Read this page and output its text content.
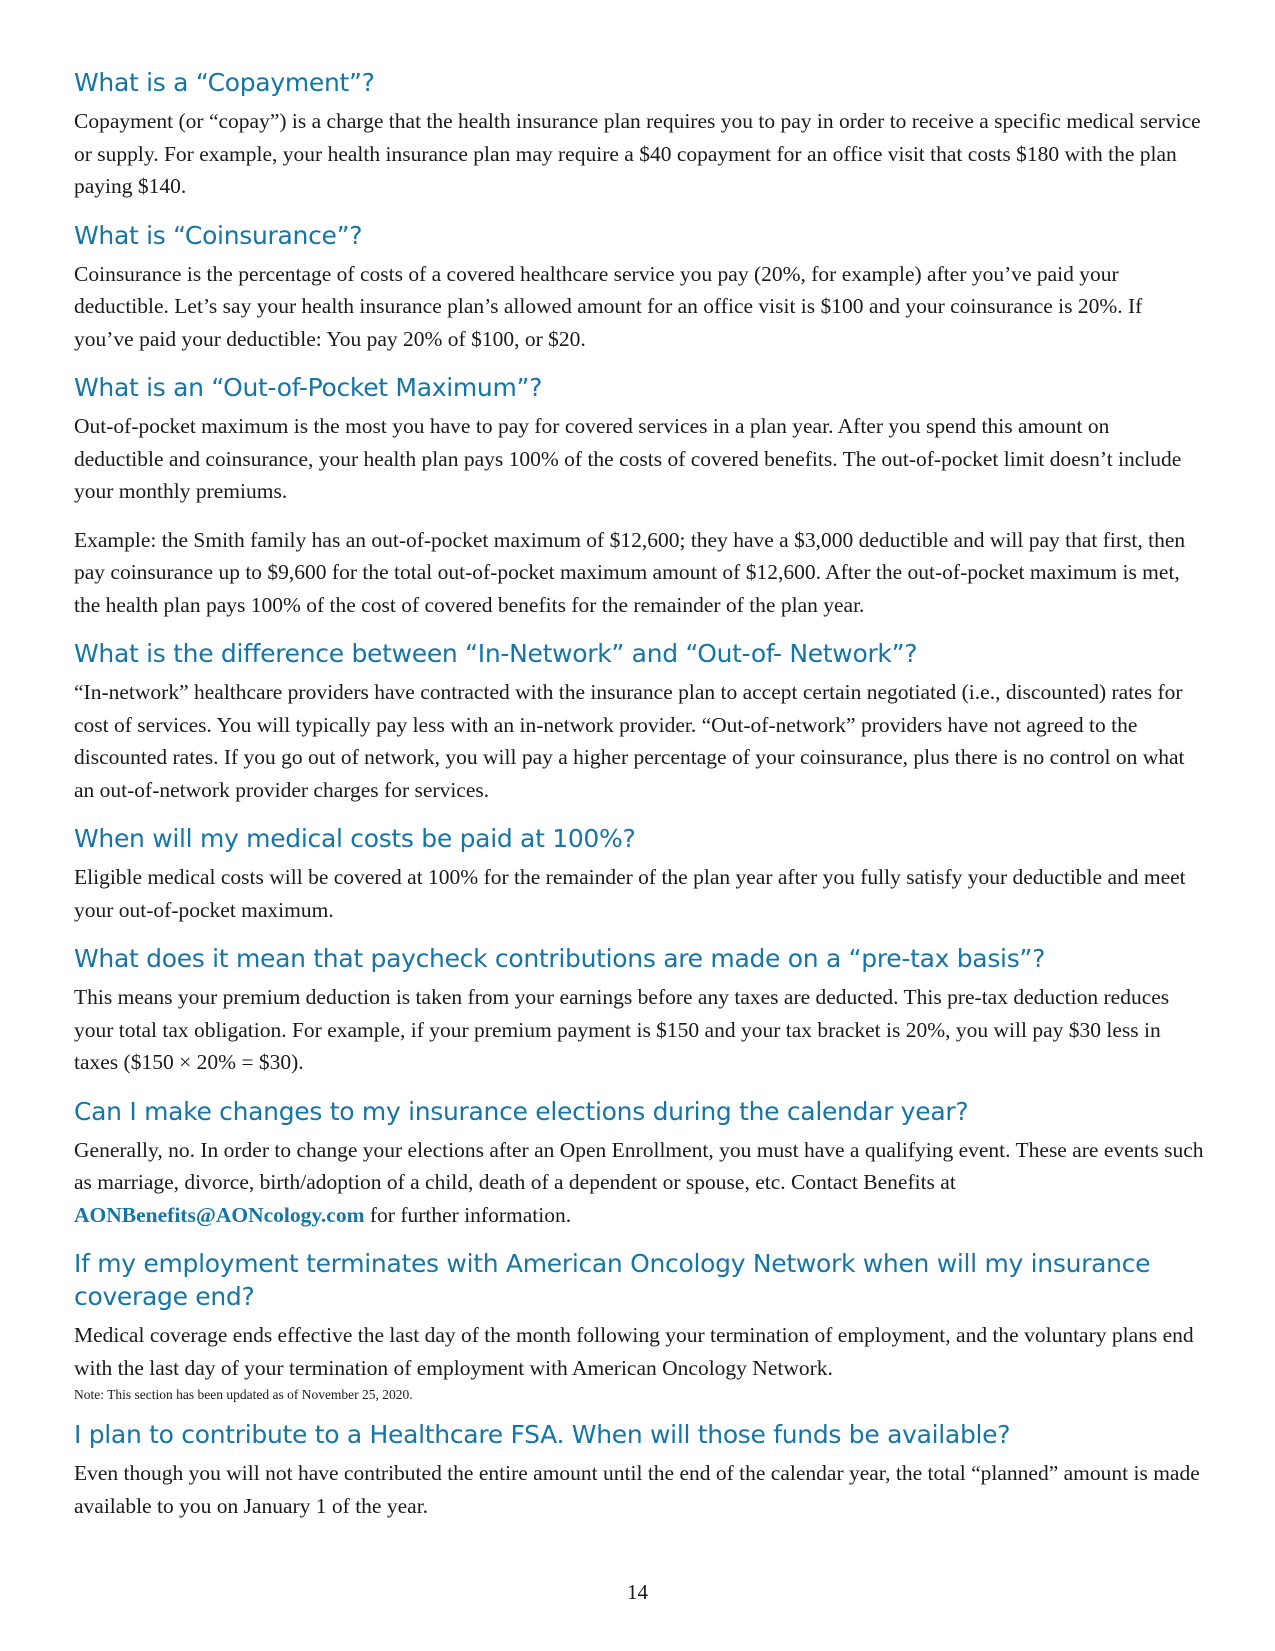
What is a “Copayment”?

Copayment (or “copay”) is a charge that the health insurance plan requires you to pay in order to receive a specific medical service or supply. For example, your health insurance plan may require a $40 copayment for an office visit that costs $180 with the plan paying $140.

What is “Coinsurance”?

Coinsurance is the percentage of costs of a covered healthcare service you pay (20%, for example) after you’ve paid your deductible. Let’s say your health insurance plan’s allowed amount for an office visit is $100 and your coinsurance is 20%. If you’ve paid your deductible: You pay 20% of $100, or $20.

What is an “Out-of-Pocket Maximum”?

Out-of-pocket maximum is the most you have to pay for covered services in a plan year. After you spend this amount on deductible and coinsurance, your health plan pays 100% of the costs of covered benefits. The out-of-pocket limit doesn’t include your monthly premiums.

Example: the Smith family has an out-of-pocket maximum of $12,600; they have a $3,000 deductible and will pay that first, then pay coinsurance up to $9,600 for the total out-of-pocket maximum amount of $12,600. After the out-of-pocket maximum is met, the health plan pays 100% of the cost of covered benefits for the remainder of the plan year.

What is the difference between “In-Network” and “Out-of- Network”?

“In-network” healthcare providers have contracted with the insurance plan to accept certain negotiated (i.e., discounted) rates for cost of services. You will typically pay less with an in-network provider. “Out-of-network” providers have not agreed to the discounted rates. If you go out of network, you will pay a higher percentage of your coinsurance, plus there is no control on what an out-of-network provider charges for services.

When will my medical costs be paid at 100%?

Eligible medical costs will be covered at 100% for the remainder of the plan year after you fully satisfy your deductible and meet your out-of-pocket maximum.

What does it mean that paycheck contributions are made on a “pre-tax basis”?

This means your premium deduction is taken from your earnings before any taxes are deducted. This pre-tax deduction reduces your total tax obligation. For example, if your premium payment is $150 and your tax bracket is 20%, you will pay $30 less in taxes ($150 × 20% = $30).

Can I make changes to my insurance elections during the calendar year?

Generally, no. In order to change your elections after an Open Enrollment, you must have a qualifying event. These are events such as marriage, divorce, birth/adoption of a child, death of a dependent or spouse, etc. Contact Benefits at AONBenefits@AONcology.com for further information.

If my employment terminates with American Oncology Network when will my insurance coverage end?

Medical coverage ends effective the last day of the month following your termination of employment, and the voluntary plans end with the last day of your termination of employment with American Oncology Network.

Note: This section has been updated as of November 25, 2020.
I plan to contribute to a Healthcare FSA. When will those funds be available?

Even though you will not have contributed the entire amount until the end of the calendar year, the total “planned” amount is made available to you on January 1 of the year.

14
